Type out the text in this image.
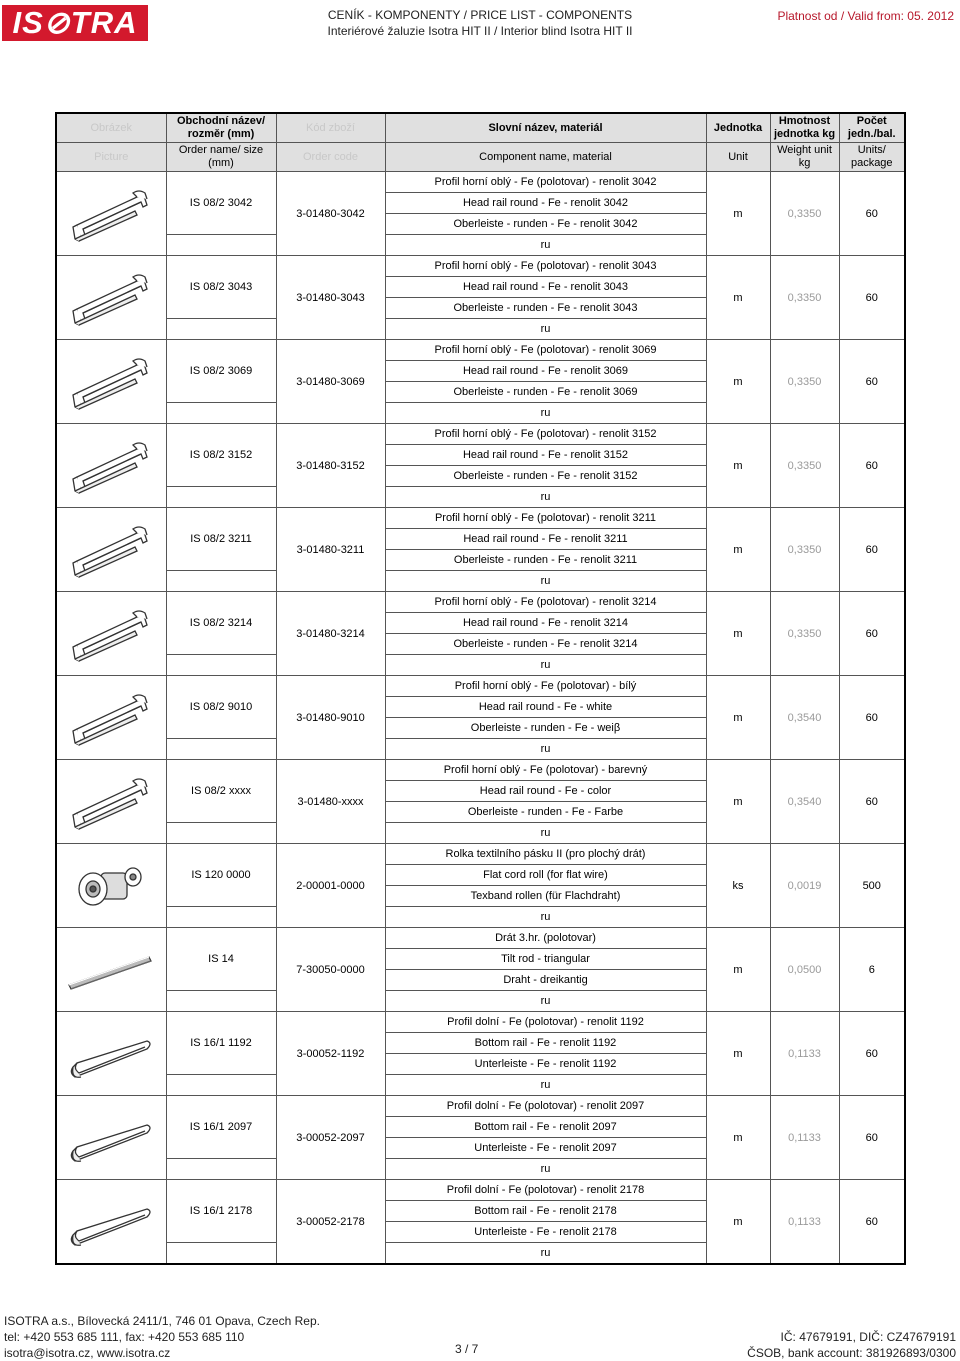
IS⊘TRA	CENÍK - KOMPONENTY / PRICE LIST - COMPONENTS
Interiérové žaluzie Isotra HIT II / Interior blind Isotra HIT II
Platnost od / Valid from: 05. 2012
Obrázek	Obchodní název/ rozměr (mm)	Kód zboží	Slovní název, materiál	Jednotka	Hmotnost jednotka kg	Počet jedn./bal.
Picture	Order name/ size (mm)	Order code	Component name, material	Unit	Weight unit kg	Units/ package

	IS 08/2 3042	3-01480-3042	Profil horní oblý - Fe (polotovar) - renolit 3042	m	0,3350	60
			Head rail round - Fe - renolit 3042			
			Oberleiste - runden - Fe - renolit 3042			
			ru			

	IS 08/2 3043	3-01480-3043	Profil horní oblý - Fe (polotovar) - renolit 3043	m	0,3350	60
			Head rail round - Fe - renolit 3043			
			Oberleiste - runden - Fe - renolit 3043			
			ru			

	IS 08/2 3069	3-01480-3069	Profil horní oblý - Fe (polotovar) - renolit 3069	m	0,3350	60
			Head rail round - Fe - renolit 3069			
			Oberleiste - runden - Fe - renolit 3069			
			ru			

	IS 08/2 3152	3-01480-3152	Profil horní oblý - Fe (polotovar) - renolit 3152	m	0,3350	60
			Head rail round - Fe - renolit 3152			
			Oberleiste - runden - Fe - renolit 3152			
			ru			

	IS 08/2 3211	3-01480-3211	Profil horní oblý - Fe (polotovar) - renolit 3211	m	0,3350	60
			Head rail round - Fe - renolit 3211			
			Oberleiste - runden - Fe - renolit 3211			
			ru			

	IS 08/2 3214	3-01480-3214	Profil horní oblý - Fe (polotovar) - renolit 3214	m	0,3350	60
			Head rail round - Fe - renolit 3214			
			Oberleiste - runden - Fe - renolit 3214			
			ru			

	IS 08/2 9010	3-01480-9010	Profil horní oblý - Fe (polotovar) - bílý	m	0,3540	60
			Head rail round - Fe - white			
			Oberleiste - runden - Fe - weiβ			
			ru			

	IS 08/2 xxxx	3-01480-xxxx	Profil horní oblý - Fe (polotovar) - barevný	m	0,3540	60
			Head rail round - Fe - color			
			Oberleiste - runden - Fe - Farbe			
			ru			

	IS 120 0000	2-00001-0000	Rolka textilního pásku II (pro plochý drát)	ks	0,0019	500
			Flat cord roll (for flat wire)			
			Texband rollen (für Flachdraht)			
			ru			

	IS 14	7-30050-0000	Drát 3.hr. (polotovar)	m	0,0500	6
			Tilt rod - triangular			
			Draht - dreikantig			
			ru			

	IS 16/1 1192	3-00052-1192	Profil dolní - Fe (polotovar) - renolit 1192	m	0,1133	60
			Bottom rail - Fe - renolit 1192			
			Unterleiste - Fe - renolit 1192			
			ru			

	IS 16/1 2097	3-00052-2097	Profil dolní - Fe (polotovar) - renolit 2097	m	0,1133	60
			Bottom rail - Fe - renolit 2097			
			Unterleiste - Fe - renolit 2097			
			ru			

	IS 16/1 2178	3-00052-2178	Profil dolní - Fe (polotovar) - renolit 2178	m	0,1133	60
			Bottom rail - Fe - renolit 2178			
			Unterleiste - Fe - renolit 2178			
			ru			
ISOTRA a.s., Bílovecká 2411/1, 746 01 Opava, Czech Rep.
tel: +420 553 685 111, fax: +420 553 685 110
isotra@isotra.cz, www.isotra.cz	3 / 7
IČ: 47679191, DIČ: CZ47679191
ČSOB, bank account: 381926893/0300
